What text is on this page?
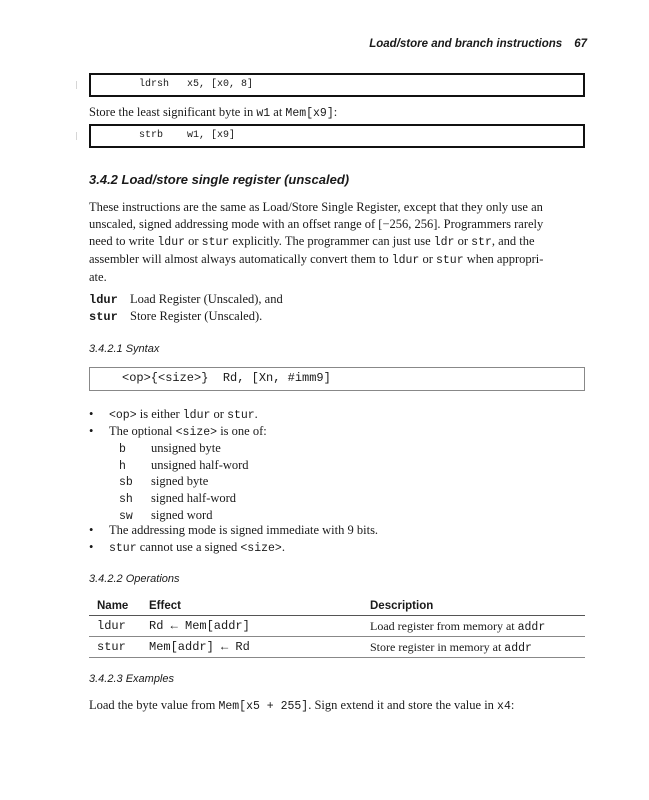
Load/store and branch instructions 67
|	ldrsh   x5, [x0, 8]
Store the least significant byte in w1 at Mem[x9]:
|	strb    w1, [x9]
3.4.2 Load/store single register (unscaled)
These instructions are the same as Load/Store Single Register, except that they only use an
unscaled, signed addressing mode with an offset range of [−256, 256]. Programmers rarely
need to write ldur or stur explicitly. The programmer can just use ldr or str, and the
assembler will almost always automatically convert them to ldur or stur when appropri-
ate.
ldur Load Register (Unscaled), and
stur Store Register (Unscaled).
3.4.2.1 Syntax
<op>{<size>}  Rd, [Xn, #imm9]
• <op> is either ldur or stur.
• The optional <size> is one of:
b unsigned byte
h unsigned half-word
sb signed byte
sh signed half-word
sw signed word
• The addressing mode is signed immediate with 9 bits.
• stur cannot use a signed <size>.
3.4.2.2 Operations
Name	Effect	Description
ldur	Rd ← Mem[addr]	Load register from memory at addr
stur	Mem[addr] ← Rd	Store register in memory at addr
3.4.2.3 Examples
Load the byte value from Mem[x5 + 255]. Sign extend it and store the value in x4:
